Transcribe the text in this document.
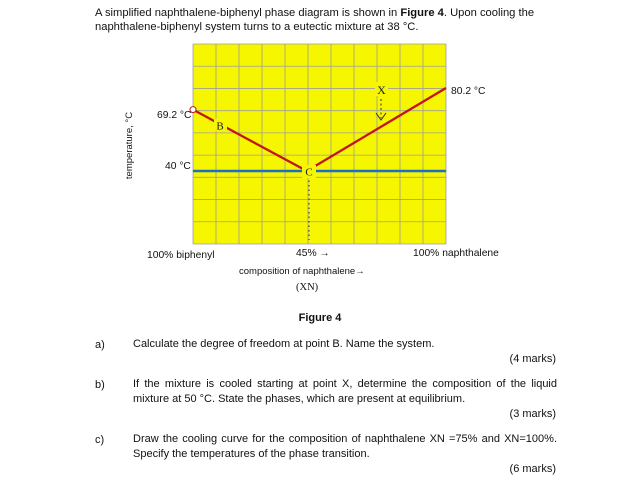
A simplified naphthalene-biphenyl phase diagram is shown in Figure 4. Upon cooling the naphthalene-biphenyl system turns to a eutectic mixture at 38 °C.
B
C
X
69.2 °C
80.2 °C
40 °C
temperature, °C
100% biphenyl	45% →	100% naphthalene
composition of naphthalene→
(XN)
Figure 4
a)	Calculate the degree of freedom at point B. Name the system.
(4 marks)
b)	If the mixture is cooled starting at point X, determine the composition of the liquid mixture at 50 °C. State the phases, which are present at equilibrium.
(3 marks)
c)	Draw the cooling curve for the composition of naphthalene XN =75% and XN=100%. Specify the temperatures of the phase transition.
(6 marks)
